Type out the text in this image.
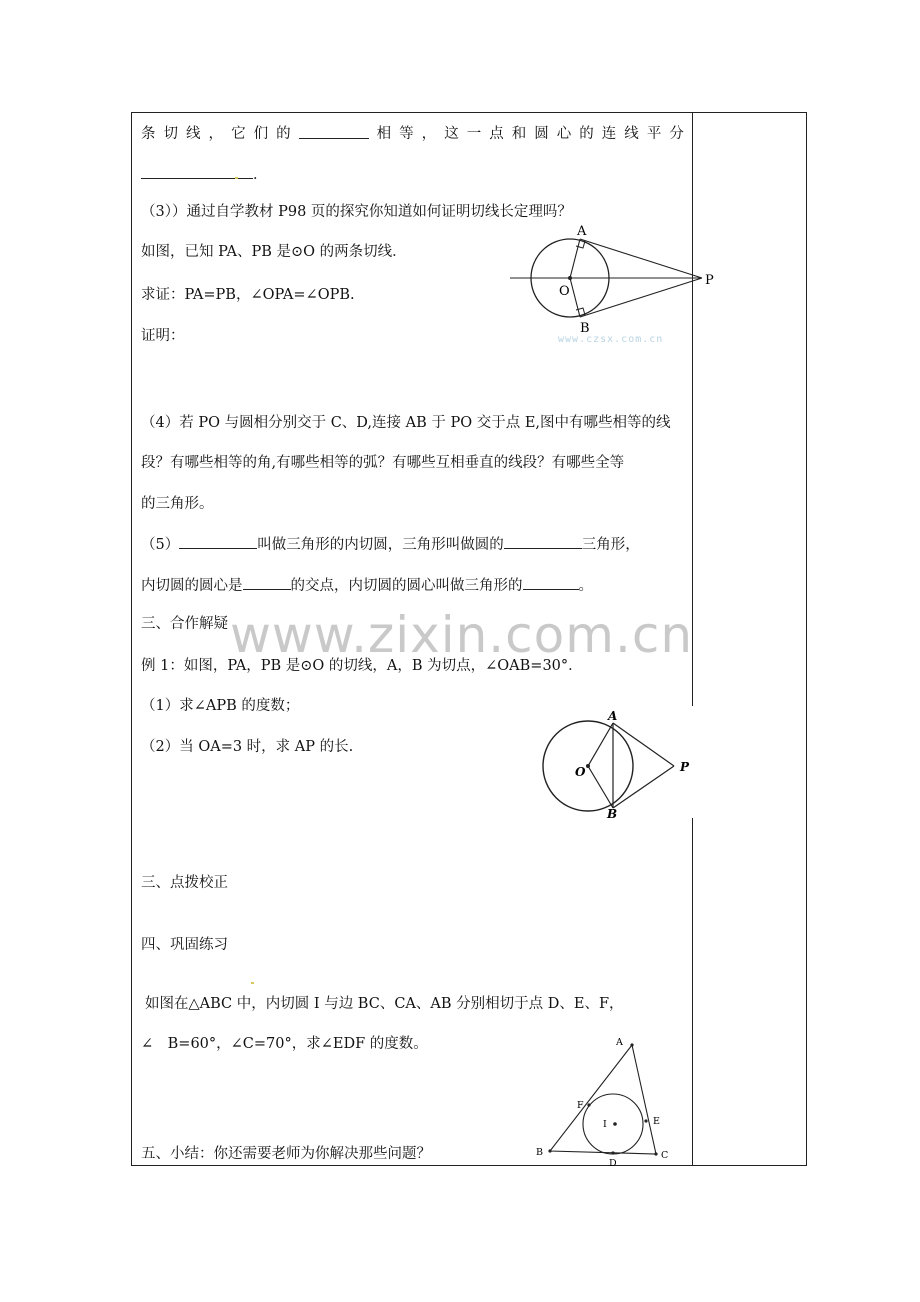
www.zixin.com.cn
条 切 线 ， 它 们 的	相 等 ， 这 一 点 和 圆 心 的 连 线 平 分
．
（3））通过自学教材 P98 页的探究你知道如何证明切线长定理吗？
如图，已知 PA、PB 是⊙O 的两条切线．
求证：PA=PB，∠OPA=∠OPB.
证明：
A
B
O
P
www.czsx.com.cn
（4）若 PO 与圆相分别交于 C、D,连接 AB 于 PO 交于点 E,图中有哪些相等的线
段？有哪些相等的角,有哪些相等的弧？有哪些互相垂直的线段？有哪些全等
的三角形。
（5）	叫做三角形的内切圆，三角形叫做圆的	三角形，
内切圆的圆心是	的交点，内切圆的圆心叫做三角形的	。
三、合作解疑
例 1：如图，PA，PB 是⊙O 的切线，A，B 为切点，∠OAB=30°．
（1）求∠APB 的度数；
（2）当 OA=3 时，求 AP 的长.
A
B
O	P
三、点拨校正
四、巩固练习
如图在△ABC 中，内切圆 I 与边 BC、CA、AB 分别相切于点 D、E、F，
∠　B=60°，∠C=70°，求∠EDF 的度数。	A
B	C
D
E
F
I
五、小结：你还需要老师为你解决那些问题？
